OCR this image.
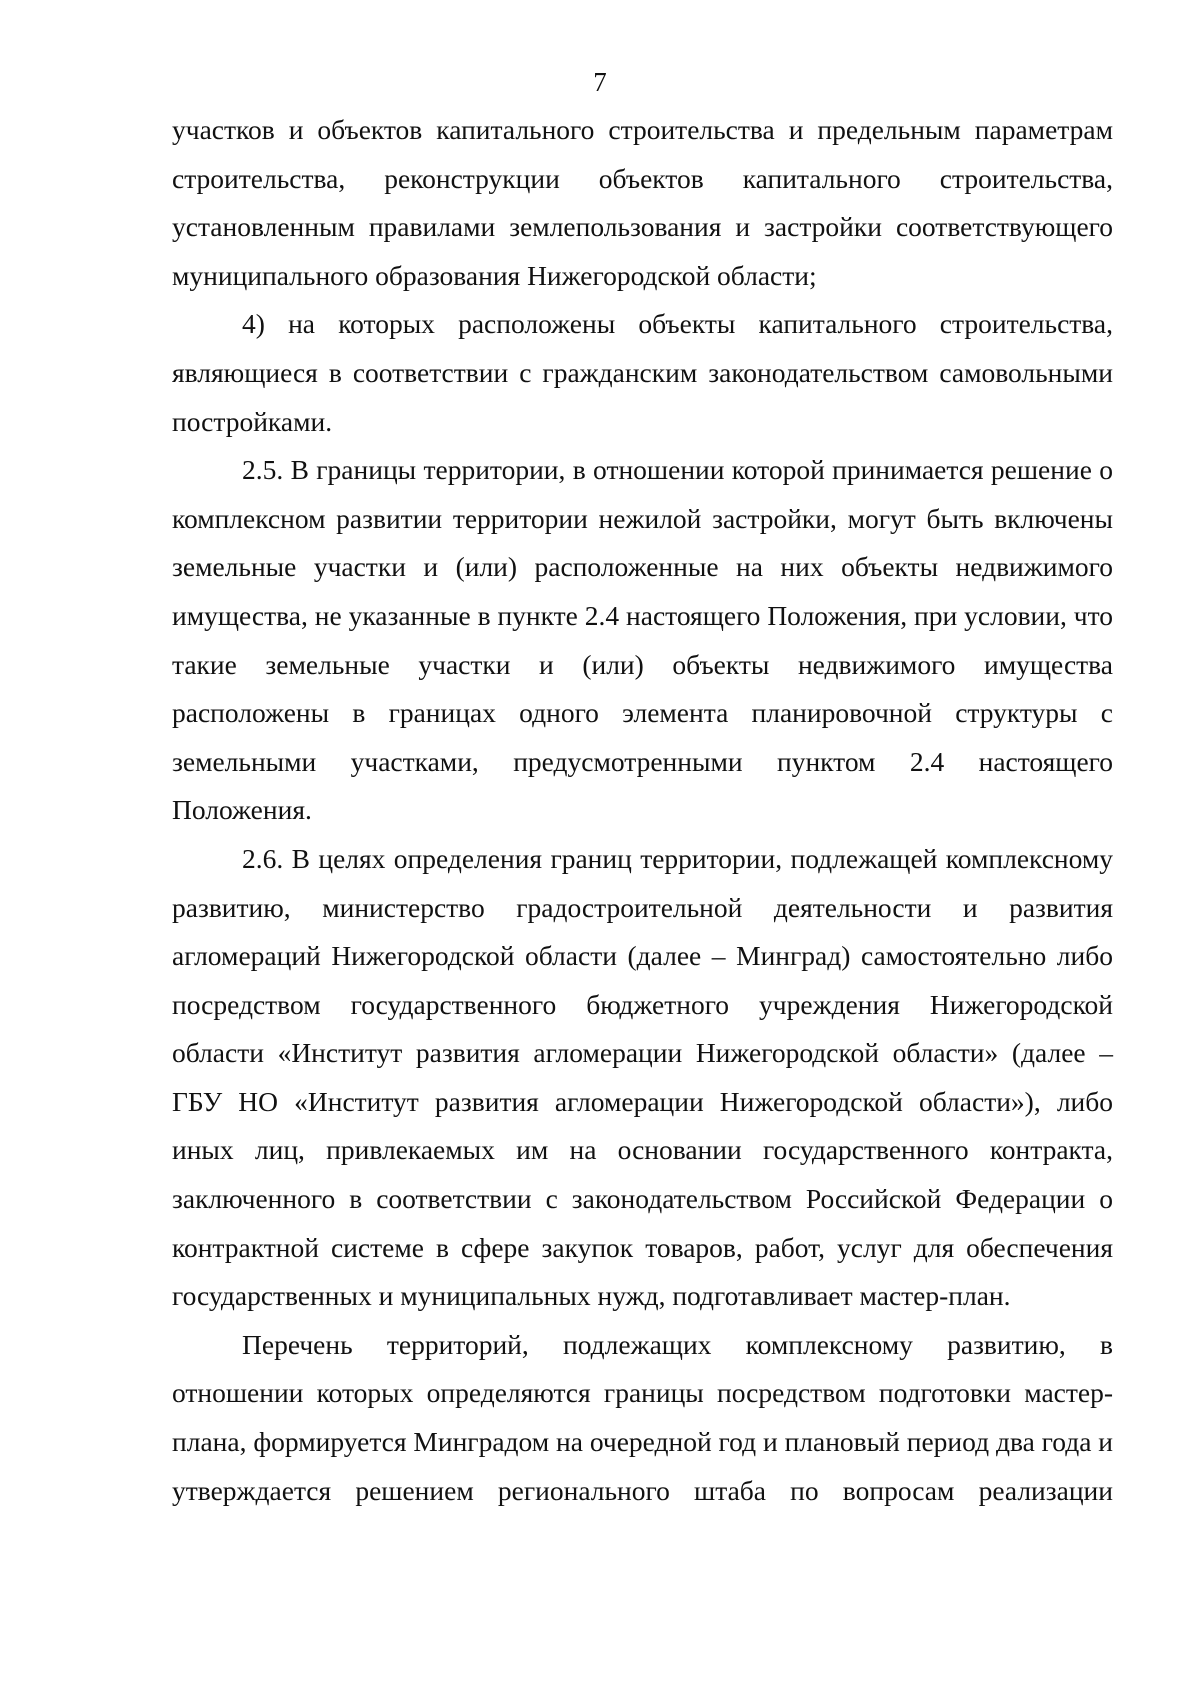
7

участков и объектов капитального строительства и предельным параметрам строительства, реконструкции объектов капитального строительства, установленным правилами землепользования и застройки соответствующего муниципального образования Нижегородской области;

4) на которых расположены объекты капитального строительства, являющиеся в соответствии с гражданским законодательством самовольными постройками.

2.5. В границы территории, в отношении которой принимается решение о комплексном развитии территории нежилой застройки, могут быть включены земельные участки и (или) расположенные на них объекты недвижимого имущества, не указанные в пункте 2.4 настоящего Положения, при условии, что такие земельные участки и (или) объекты недвижимого имущества расположены в границах одного элемента планировочной структуры с земельными участками, предусмотренными пунктом 2.4 настоящего Положения.

2.6. В целях определения границ территории, подлежащей комплексному развитию, министерство градостроительной деятельности и развития агломераций Нижегородской области (далее – Минград) самостоятельно либо посредством государственного бюджетного учреждения Нижегородской области «Институт развития агломерации Нижегородской области» (далее – ГБУ НО «Институт развития агломерации Нижегородской области»), либо иных лиц, привлекаемых им на основании государственного контракта, заключенного в соответствии с законодательством Российской Федерации о контрактной системе в сфере закупок товаров, работ, услуг для обеспечения государственных и муниципальных нужд, подготавливает мастер-план.

Перечень территорий, подлежащих комплексному развитию, в отношении которых определяются границы посредством подготовки мастер-плана, формируется Минградом на очередной год и плановый период два года и утверждается решением регионального штаба по вопросам реализации
